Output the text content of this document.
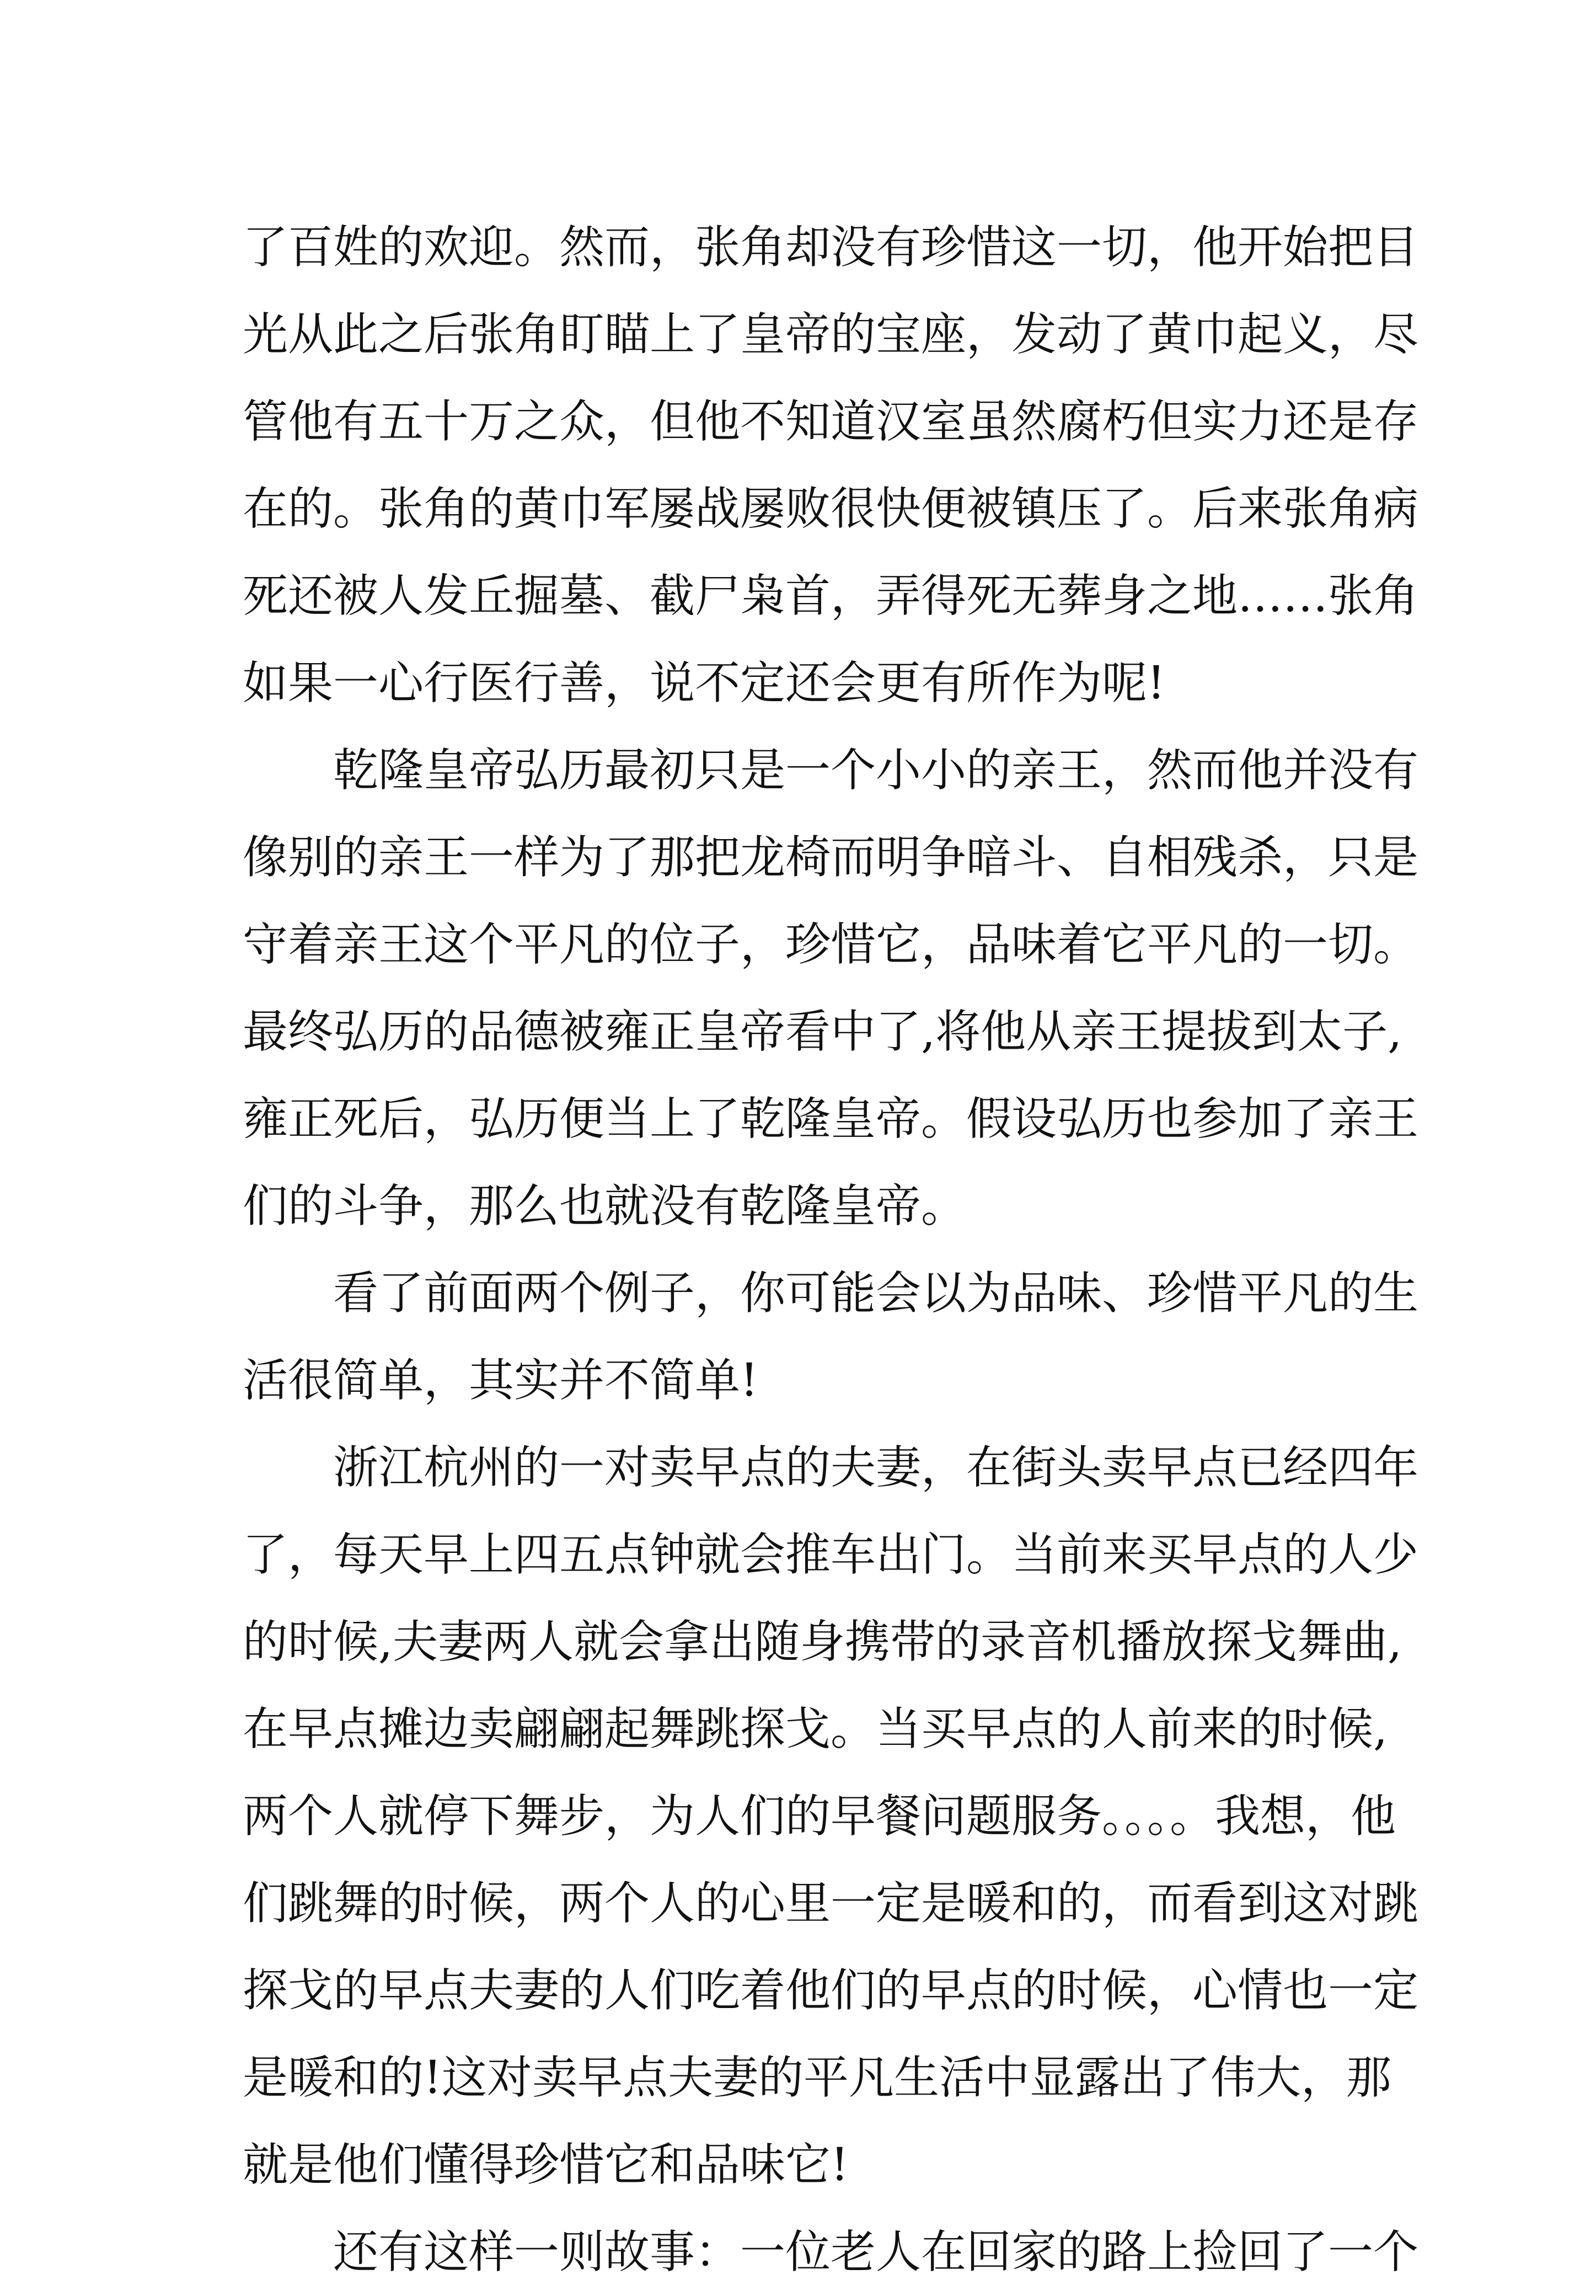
了百姓的欢迎。然而，张角却没有珍惜这一切，他开始把目
光从此之后张角盯瞄上了皇帝的宝座，发动了黄巾起义，尽
管他有五十万之众，但他不知道汉室虽然腐朽但实力还是存
在的。张角的黄巾军屡战屡败很快便被镇压了。后来张角病
死还被人发丘掘墓、截尸枭首，弄得死无葬身之地……张角
如果一心行医行善，说不定还会更有所作为呢!
乾隆皇帝弘历最初只是一个小小的亲王，然而他并没有
像别的亲王一样为了那把龙椅而明争暗斗、自相残杀，只是
守着亲王这个平凡的位子，珍惜它，品味着它平凡的一切。
最终弘历的品德被雍正皇帝看中了,将他从亲王提拔到太子,
雍正死后，弘历便当上了乾隆皇帝。假设弘历也参加了亲王
们的斗争，那么也就没有乾隆皇帝。
看了前面两个例子，你可能会以为品味、珍惜平凡的生
活很简单，其实并不简单!
浙江杭州的一对卖早点的夫妻，在街头卖早点已经四年
了，每天早上四五点钟就会推车出门。当前来买早点的人少
的时候,夫妻两人就会拿出随身携带的录音机播放探戈舞曲,
在早点摊边卖翩翩起舞跳探戈。当买早点的人前来的时候,
两个人就停下舞步，为人们的早餐问题服务。。。。我想，他
们跳舞的时候，两个人的心里一定是暖和的，而看到这对跳
探戈的早点夫妻的人们吃着他们的早点的时候，心情也一定
是暖和的!这对卖早点夫妻的平凡生活中显露出了伟大，那
就是他们懂得珍惜它和品味它!
还有这样一则故事：一位老人在回家的路上捡回了一个
